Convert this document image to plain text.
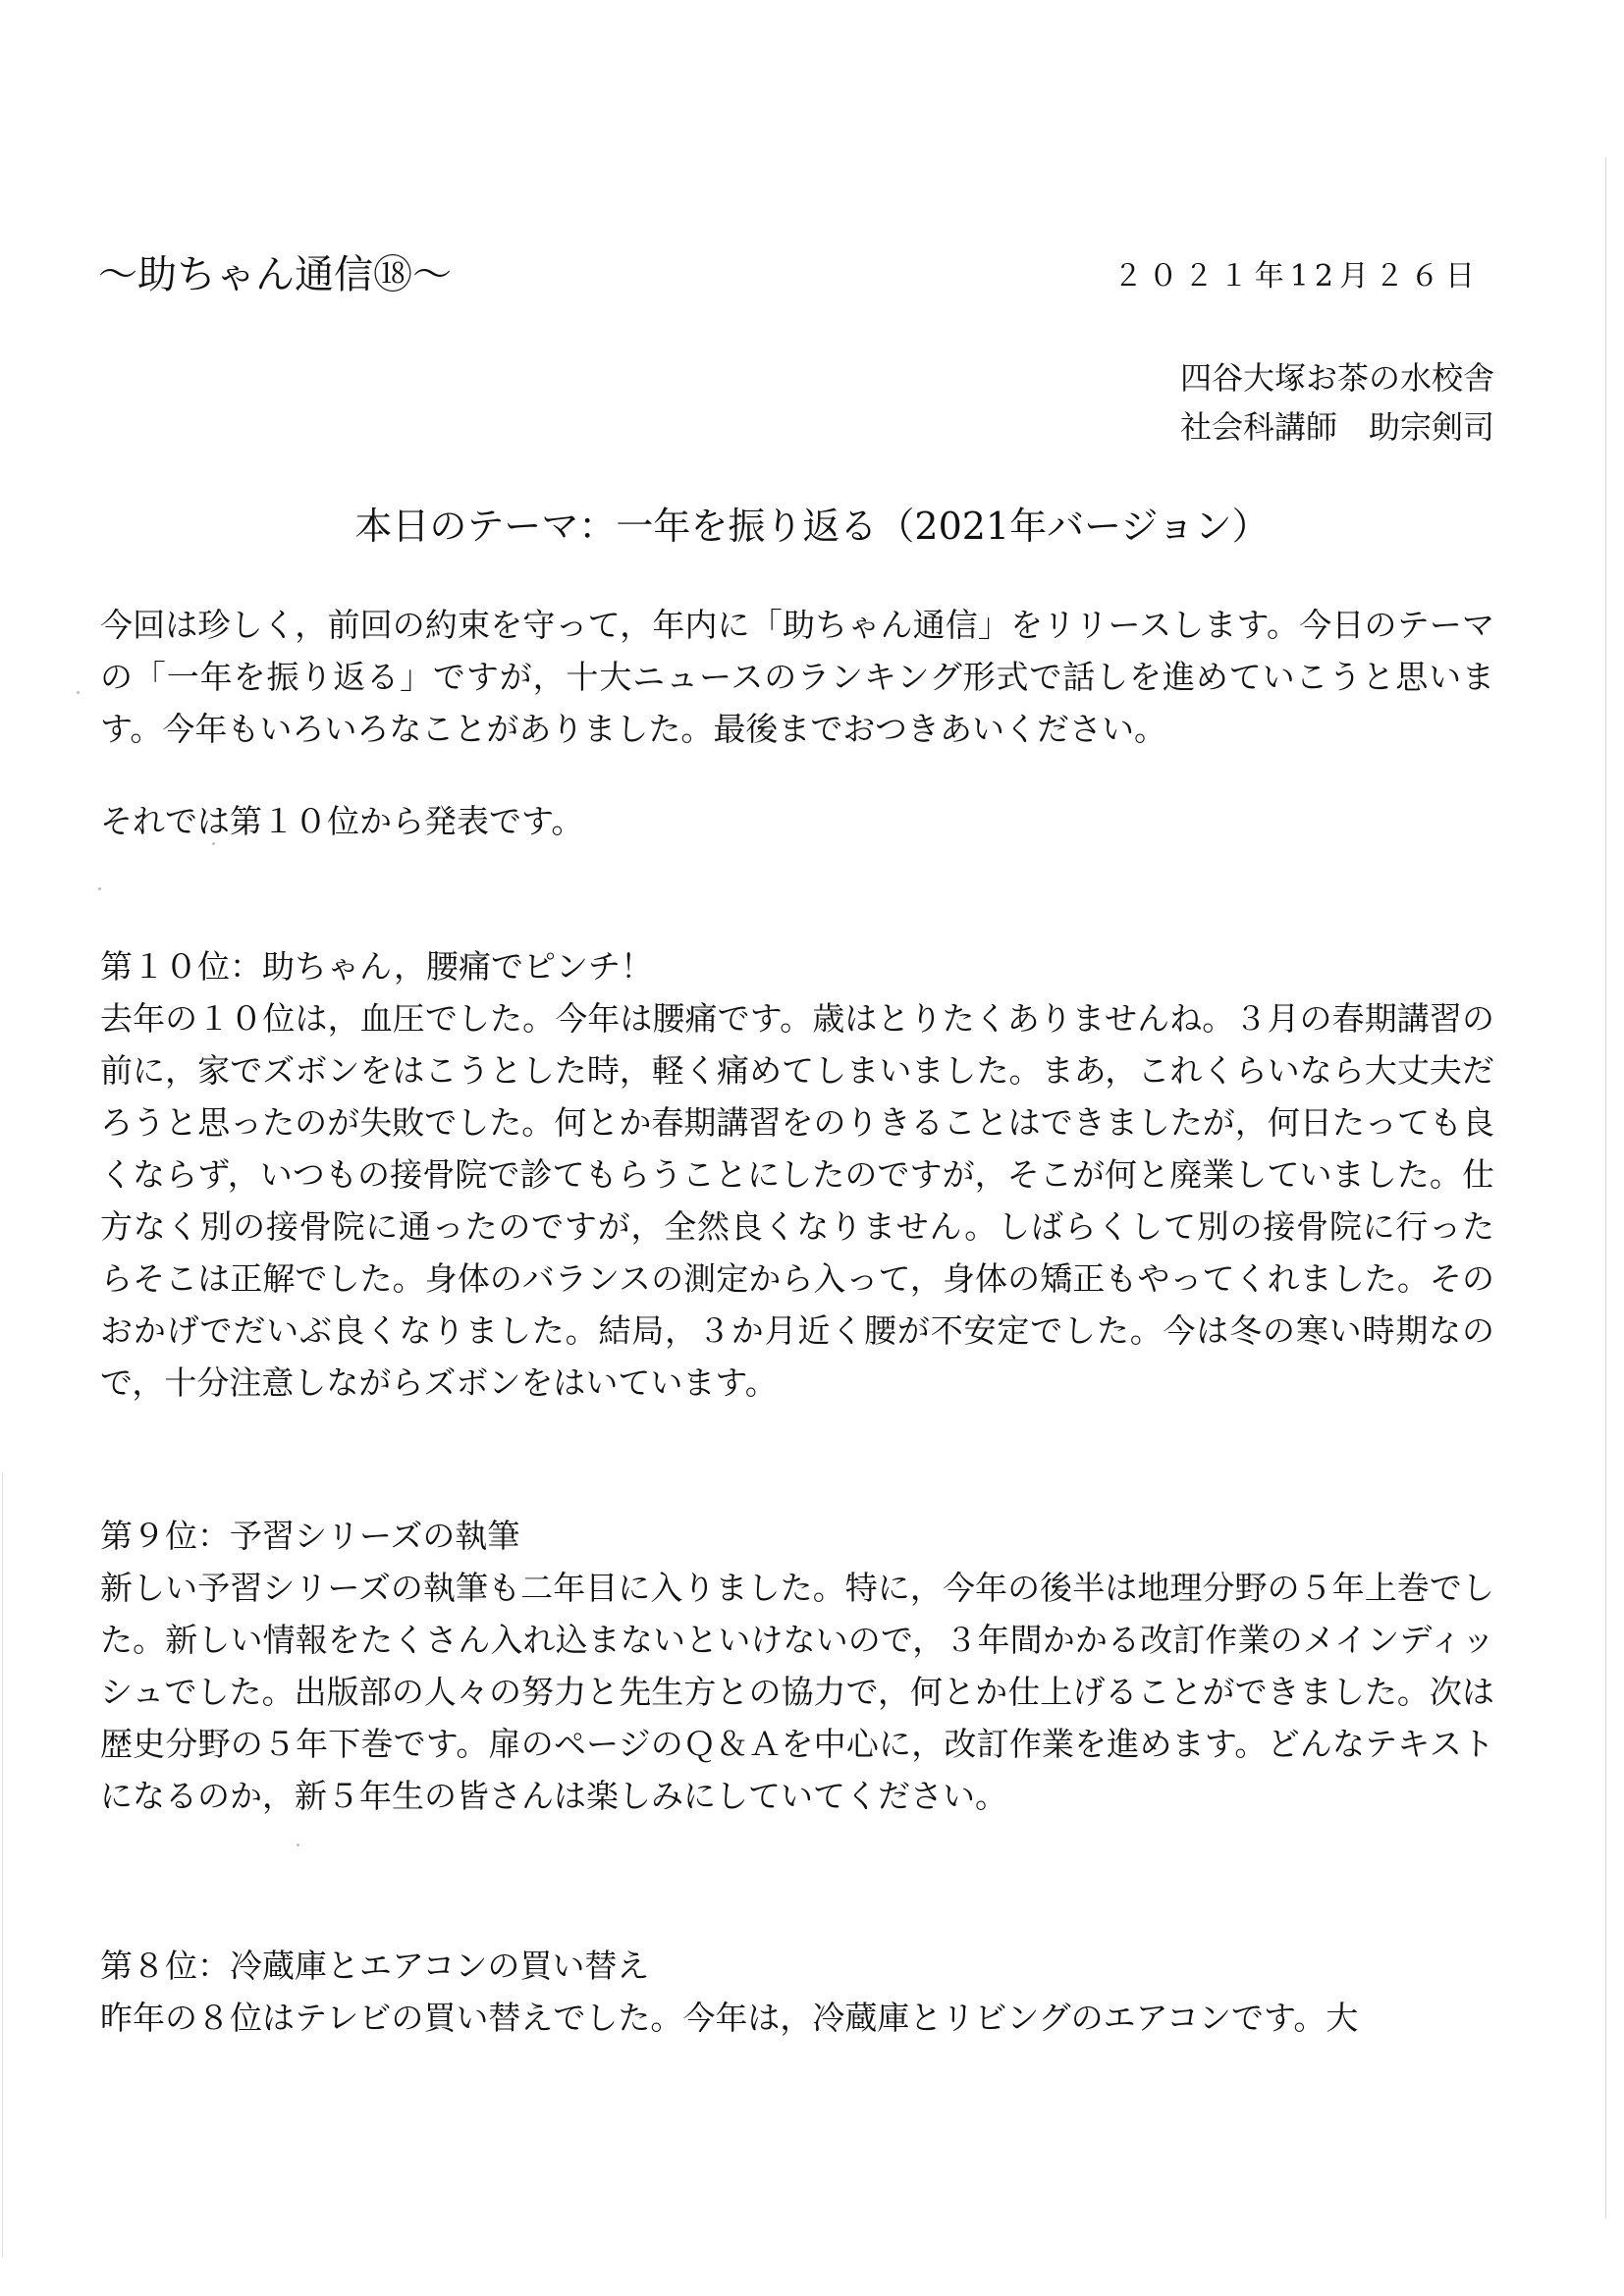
〜助ちゃん通信⑱〜	２０２１年12月２６日
四谷大塚お茶の水校舎
社会科講師　助宗剣司
本日のテーマ：一年を振り返る（2021年バージョン）
今回は珍しく，前回の約束を守って，年内に「助ちゃん通信」をリリースします。今日のテーマの「一年を振り返る」ですが，十大ニュースのランキング形式で話しを進めていこうと思います。今年もいろいろなことがありました。最後までおつきあいください。
それでは第１０位から発表です。
第１０位：助ちゃん，腰痛でピンチ！
去年の１０位は，血圧でした。今年は腰痛です。歳はとりたくありませんね。３月の春期講習の前に，家でズボンをはこうとした時，軽く痛めてしまいました。まあ，これくらいなら大丈夫だろうと思ったのが失敗でした。何とか春期講習をのりきることはできましたが，何日たっても良くならず，いつもの接骨院で診てもらうことにしたのですが，そこが何と廃業していました。仕方なく別の接骨院に通ったのですが，全然良くなりません。しばらくして別の接骨院に行ったらそこは正解でした。身体のバランスの測定から入って，身体の矯正もやってくれました。そのおかげでだいぶ良くなりました。結局，３か月近く腰が不安定でした。今は冬の寒い時期なので，十分注意しながらズボンをはいています。
第９位：予習シリーズの執筆
新しい予習シリーズの執筆も二年目に入りました。特に，今年の後半は地理分野の５年上巻でした。新しい情報をたくさん入れ込まないといけないので，３年間かかる改訂作業のメインディッシュでした。出版部の人々の努力と先生方との協力で，何とか仕上げることができました。次は歴史分野の５年下巻です。扉のページのＱ＆Ａを中心に，改訂作業を進めます。どんなテキストになるのか，新５年生の皆さんは楽しみにしていてください。
第８位：冷蔵庫とエアコンの買い替え
昨年の８位はテレビの買い替えでした。今年は，冷蔵庫とリビングのエアコンです。大
